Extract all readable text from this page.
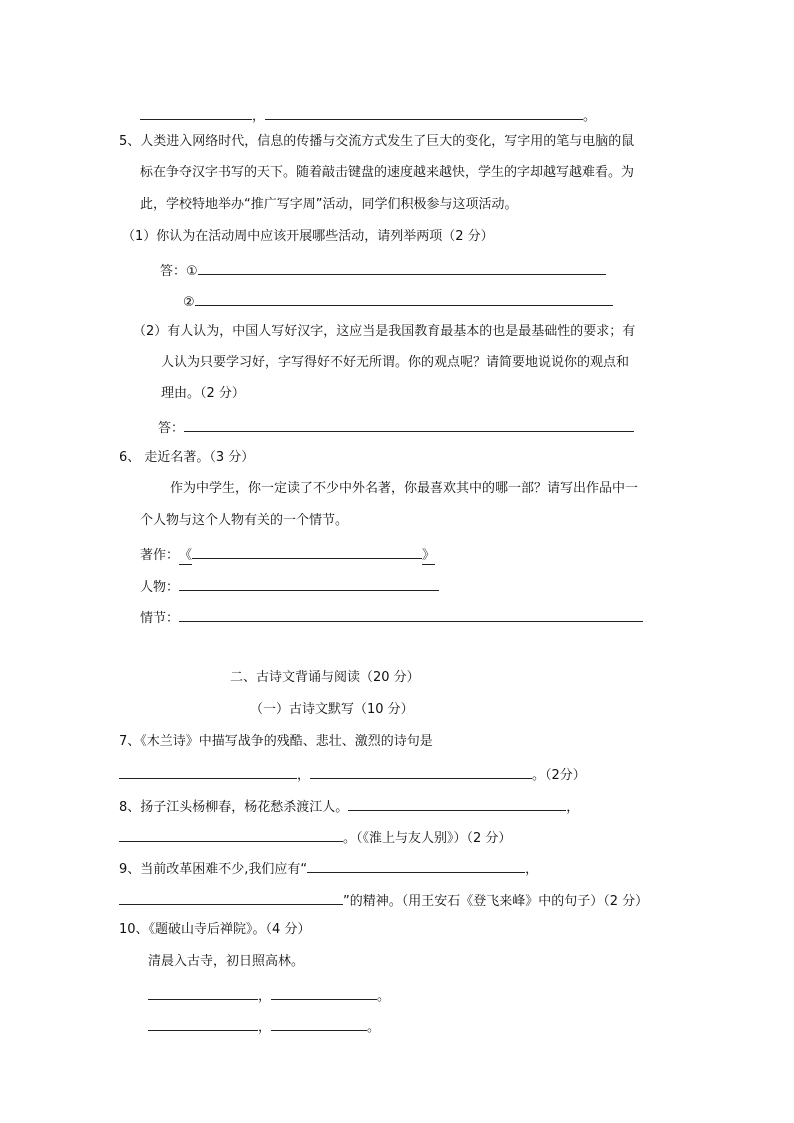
，	。
5、人类进入网络时代，信息的传播与交流方式发生了巨大的变化，写字用的笔与电脑的鼠
标在争夺汉字书写的天下。随着敲击键盘的速度越来越快，学生的字却越写越难看。为
此，学校特地举办“推广写字周”活动，同学们积极参与这项活动。
（1）你认为在活动周中应该开展哪些活动，请列举两项（2 分）
答：①
②
（2）有人认为，中国人写好汉字，这应当是我国教育最基本的也是最基础性的要求；有
人认为只要学习好，字写得好不好无所谓。你的观点呢？请简要地说说你的观点和
理由。（2 分）
答：
6、 走近名著。（3 分）
作为中学生，你一定读了不少中外名著，你最喜欢其中的哪一部？请写出作品中一
个人物与这个人物有关的一个情节。
著作：《	》
人物：
情节：
二、古诗文背诵与阅读（20 分）
（一）古诗文默写（10 分）
7、《木兰诗》中描写战争的残酷、悲壮、激烈的诗句是
，	。（2分）
8、扬子江头杨柳春，杨花愁杀渡江人。	，
。（《淮上与友人别》）（2 分）
9、当前改革困难不少,我们应有“	，
”的精神。（用王安石《登飞来峰》中的句子）（2 分）
10、《题破山寺后禅院》。（4 分）
清晨入古寺，初日照高林。
，	。
，	。
